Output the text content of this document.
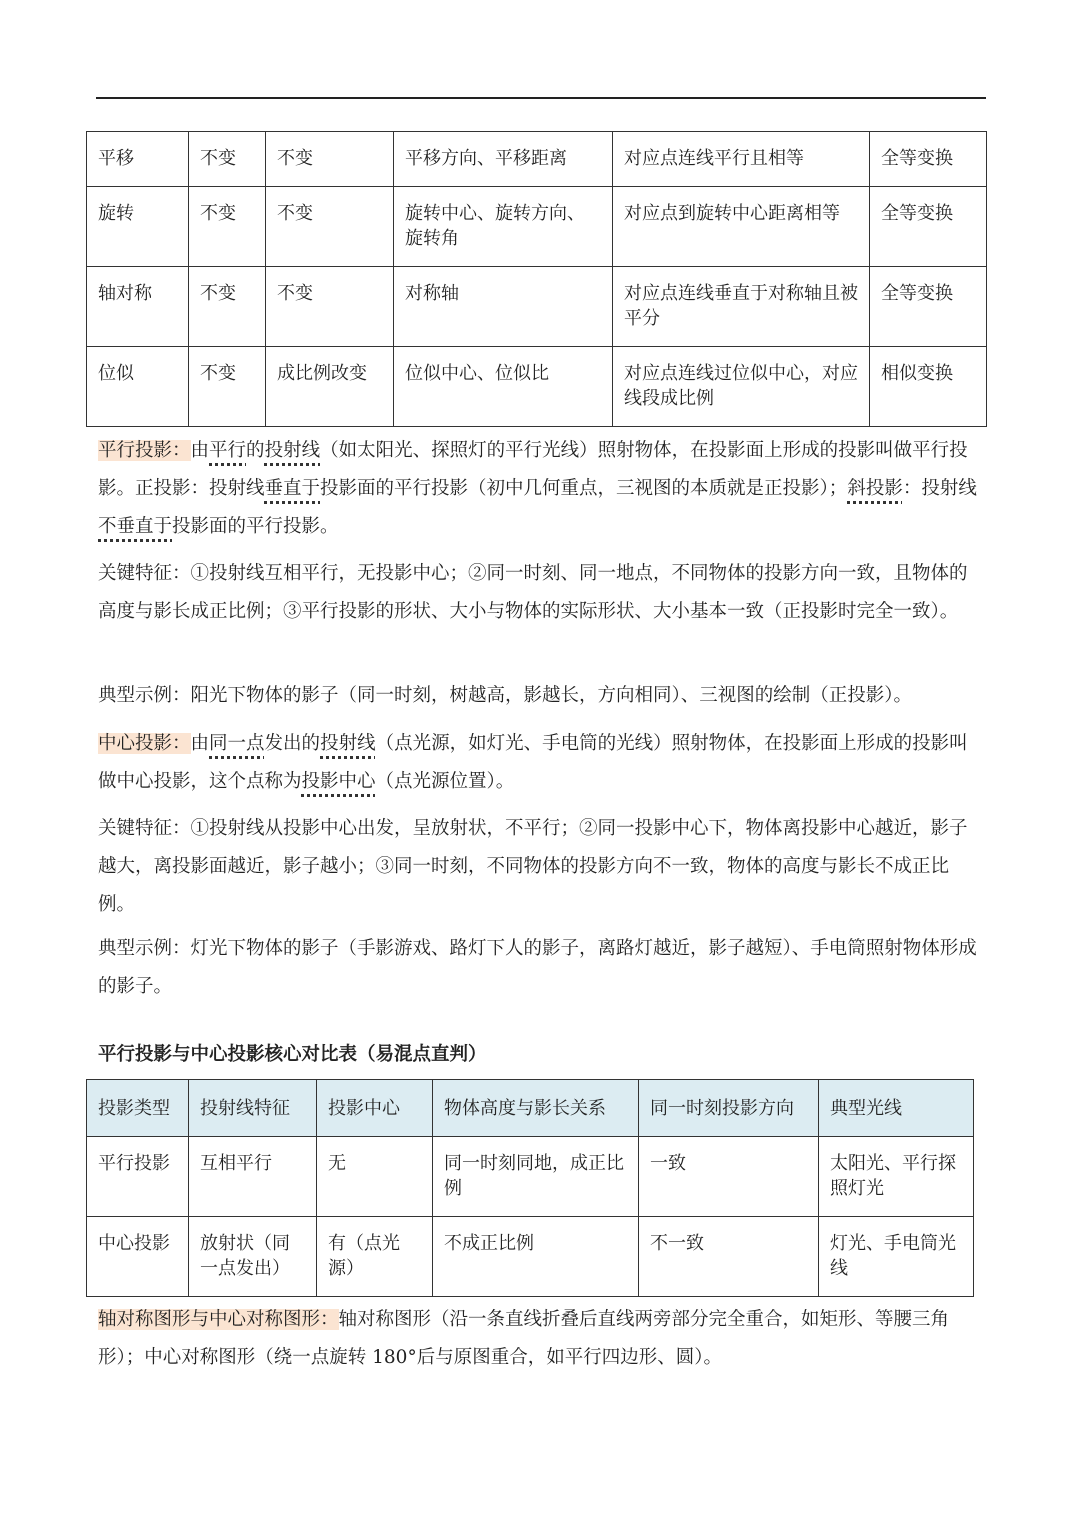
平移	不变	不变	平移方向、平移距离	对应点连线平行且相等	全等变换
旋转	不变	不变	旋转中心、旋转方向、旋转角	对应点到旋转中心距离相等	全等变换
轴对称	不变	不变	对称轴	对应点连线垂直于对称轴且被平分	全等变换
位似	不变	成比例改变	位似中心、位似比	对应点连线过位似中心，对应线段成比例	相似变换

平行投影：由平行的投射线（如太阳光、探照灯的平行光线）照射物体，在投影面上形成的投影叫做平行投影。正投影：投射线垂直于投影面的平行投影（初中几何重点，三视图的本质就是正投影）；斜投影：投射线不垂直于投影面的平行投影。

关键特征：①投射线互相平行，无投影中心；②同一时刻、同一地点，不同物体的投影方向一致，且物体的高度与影长成正比例；③平行投影的形状、大小与物体的实际形状、大小基本一致（正投影时完全一致）。

典型示例：阳光下物体的影子（同一时刻，树越高，影越长，方向相同）、三视图的绘制（正投影）。

中心投影：由同一点发出的投射线（点光源，如灯光、手电筒的光线）照射物体，在投影面上形成的投影叫做中心投影，这个点称为投影中心（点光源位置）。

关键特征：①投射线从投影中心出发，呈放射状，不平行；②同一投影中心下，物体离投影中心越近，影子越大，离投影面越近，影子越小；③同一时刻，不同物体的投影方向不一致，物体的高度与影长不成正比例。

典型示例：灯光下物体的影子（手影游戏、路灯下人的影子，离路灯越近，影子越短）、手电筒照射物体形成的影子。

平行投影与中心投影核心对比表（易混点直判）

投影类型	投射线特征	投影中心	物体高度与影长关系	同一时刻投影方向	典型光线
平行投影	互相平行	无	同一时刻同地，成正比例	一致	太阳光、平行探照灯光
中心投影	放射状（同一点发出）	有（点光源）	不成正比例	不一致	灯光、手电筒光线

轴对称图形与中心对称图形：轴对称图形（沿一条直线折叠后直线两旁部分完全重合，如矩形、等腰三角形）；中心对称图形（绕一点旋转 180°后与原图重合，如平行四边形、圆）。
